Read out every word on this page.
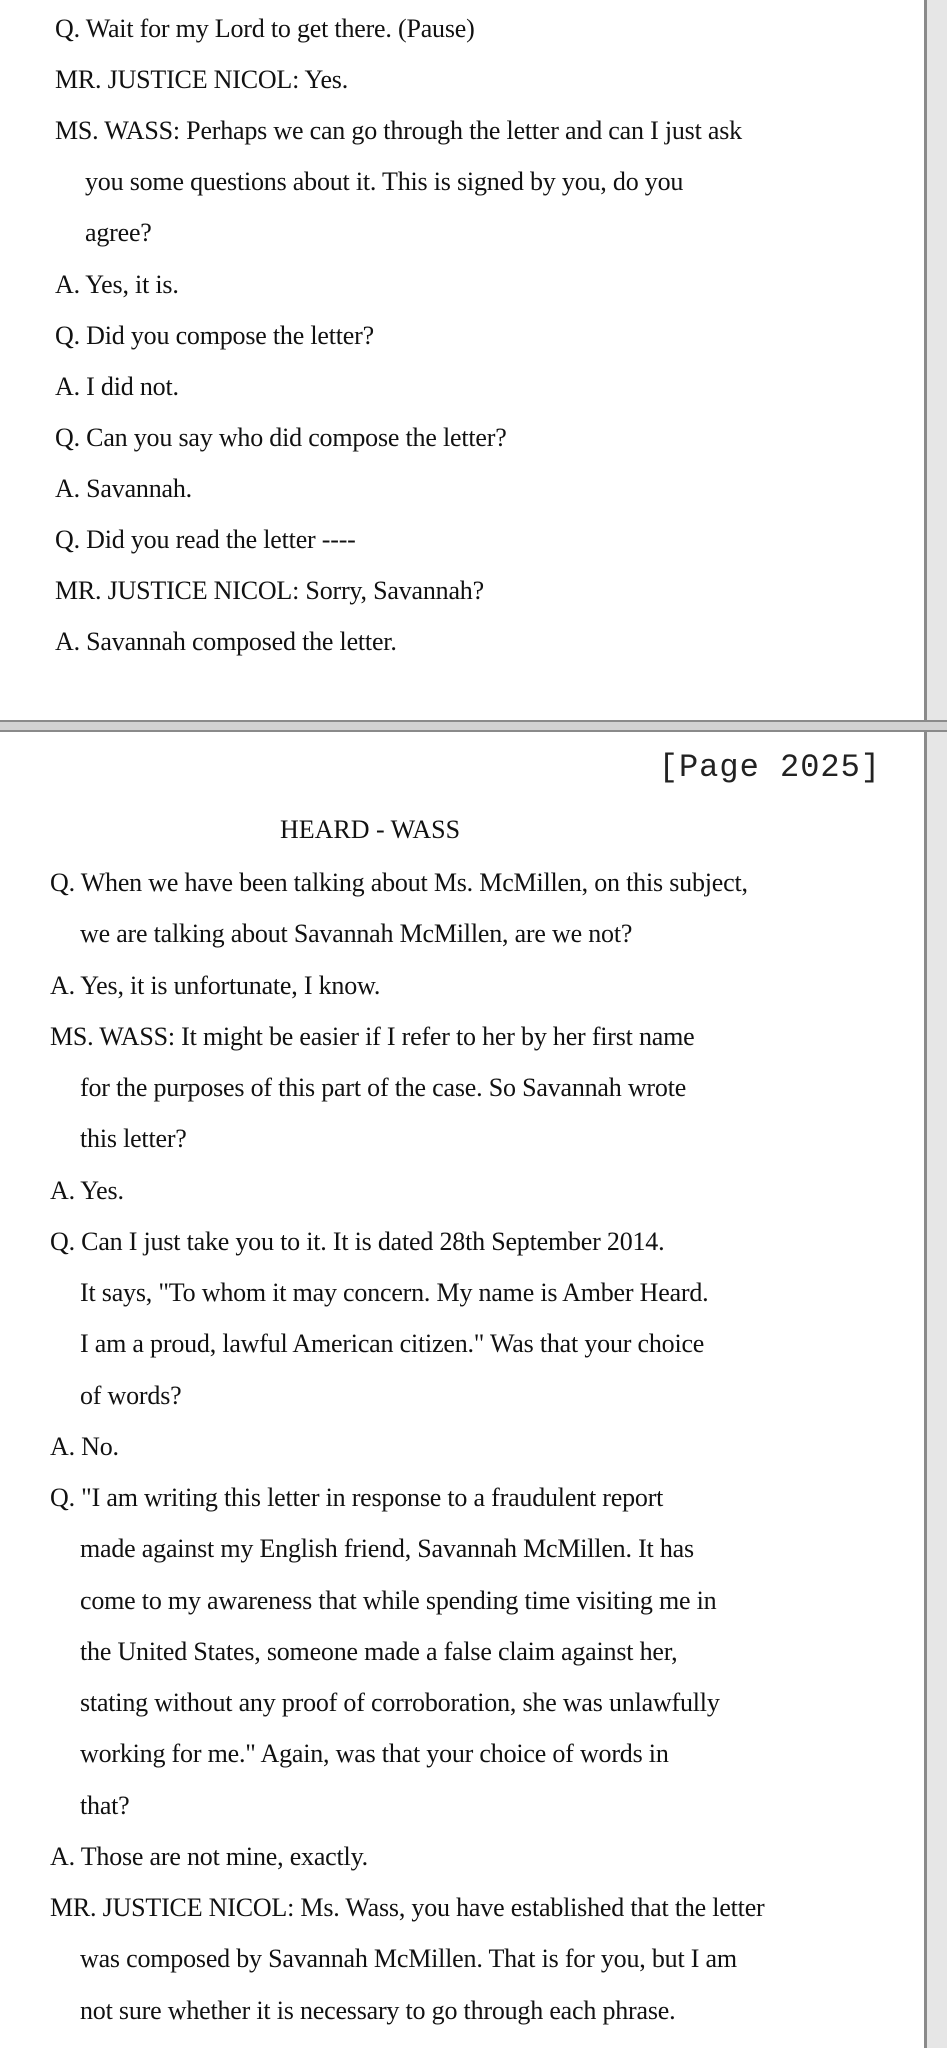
Q. Wait for my Lord to get there. (Pause)
MR. JUSTICE NICOL: Yes.
MS. WASS: Perhaps we can go through the letter and can I just ask
you some questions about it. This is signed by you, do you
agree?
A. Yes, it is.
Q. Did you compose the letter?
A. I did not.
Q. Can you say who did compose the letter?
A. Savannah.
Q. Did you read the letter ----
MR. JUSTICE NICOL: Sorry, Savannah?
A. Savannah composed the letter.
[Page 2025]
HEARD - WASS
Q. When we have been talking about Ms. McMillen, on this subject,
we are talking about Savannah McMillen, are we not?
A. Yes, it is unfortunate, I know.
MS. WASS: It might be easier if I refer to her by her first name
for the purposes of this part of the case. So Savannah wrote
this letter?
A. Yes.
Q. Can I just take you to it. It is dated 28th September 2014.
It says, "To whom it may concern. My name is Amber Heard.
I am a proud, lawful American citizen." Was that your choice
of words?
A. No.
Q. "I am writing this letter in response to a fraudulent report
made against my English friend, Savannah McMillen. It has
come to my awareness that while spending time visiting me in
the United States, someone made a false claim against her,
stating without any proof of corroboration, she was unlawfully
working for me." Again, was that your choice of words in
that?
A. Those are not mine, exactly.
MR. JUSTICE NICOL: Ms. Wass, you have established that the letter
was composed by Savannah McMillen. That is for you, but I am
not sure whether it is necessary to go through each phrase.
